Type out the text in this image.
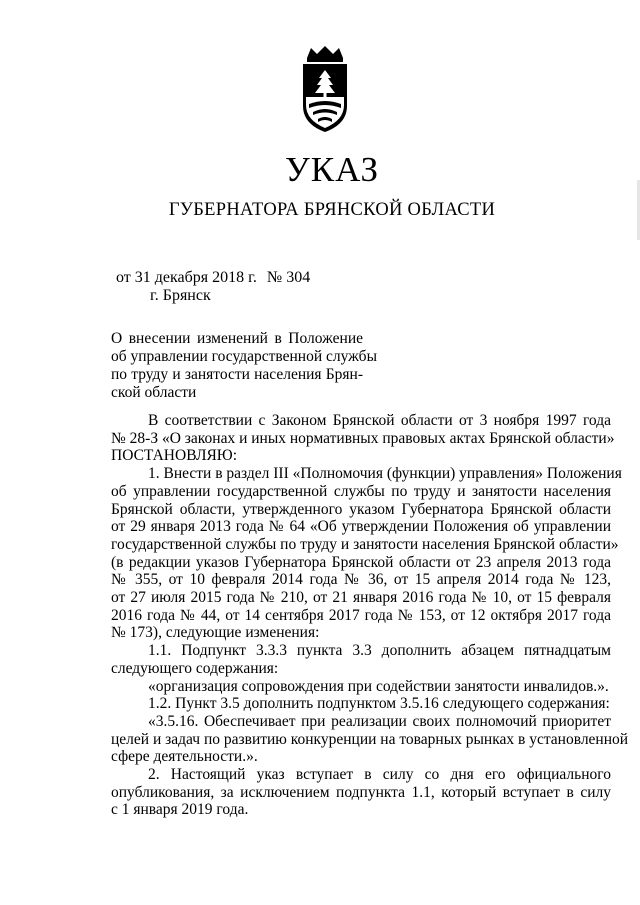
УКАЗ
ГУБЕРНАТОРА БРЯНСКОЙ ОБЛАСТИ
от 31 декабря 2018 г. № 304
г. Брянск
О внесении изменений в Положение
об управлении государственной службы
по труду и занятости населения Брян-
ской области
В соответствии с Законом Брянской области от 3 ноября 1997 года
№ 28-З «О законах и иных нормативных правовых актах Брянской области»
ПОСТАНОВЛЯЮ:
1. Внести в раздел III «Полномочия (функции) управления» Положения
об управлении государственной службы по труду и занятости населения
Брянской области, утвержденного указом Губернатора Брянской области
от 29 января 2013 года № 64 «Об утверждении Положения об управлении
государственной службы по труду и занятости населения Брянской области»
(в редакции указов Губернатора Брянской области от 23 апреля 2013 года
№ 355, от 10 февраля 2014 года № 36, от 15 апреля 2014 года № 123,
от 27 июля 2015 года № 210, от 21 января 2016 года № 10, от 15 февраля
2016 года № 44, от 14 сентября 2017 года № 153, от 12 октября 2017 года
№ 173), следующие изменения:
1.1. Подпункт 3.3.3 пункта 3.3 дополнить абзацем пятнадцатым
следующего содержания:
«организация сопровождения при содействии занятости инвалидов.».
1.2. Пункт 3.5 дополнить подпунктом 3.5.16 следующего содержания:
«3.5.16. Обеспечивает при реализации своих полномочий приоритет
целей и задач по развитию конкуренции на товарных рынках в установленной
сфере деятельности.».
2. Настоящий указ вступает в силу со дня его официального
опубликования, за исключением подпункта 1.1, который вступает в силу
с 1 января 2019 года.
